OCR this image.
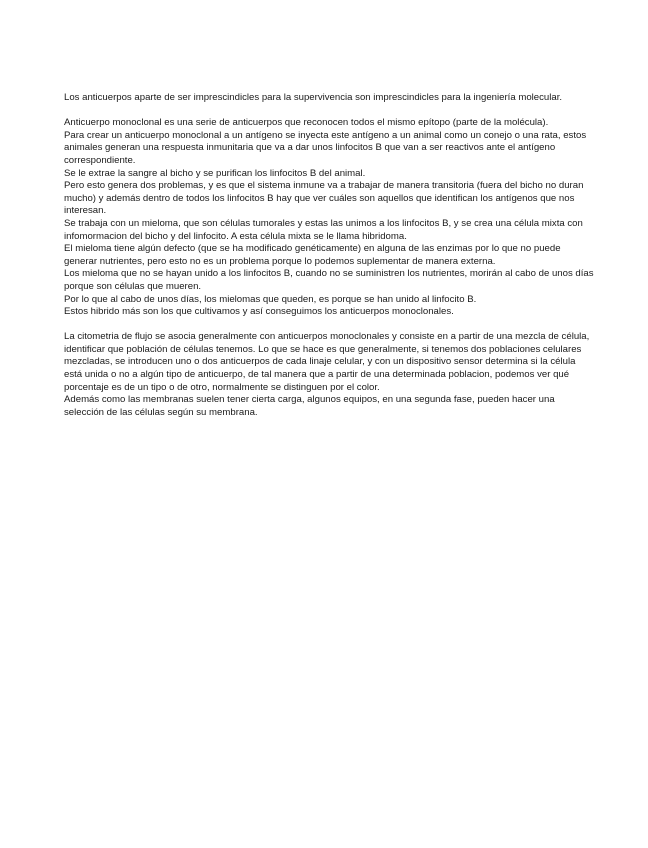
Los anticuerpos aparte de ser imprescindicles para la supervivencia son imprescindicles para la ingeniería molecular.
Anticuerpo monoclonal es una serie de anticuerpos que reconocen todos el mismo epítopo (parte de la molécula).
Para crear un anticuerpo monoclonal a un antígeno se inyecta este antígeno a un animal como un conejo o una rata, estos animales generan una respuesta inmunitaria que va a dar unos linfocitos B que van a ser reactivos ante el antígeno correspondiente.
Se le extrae la sangre al bicho y se purifican los linfocitos B del animal.
Pero esto genera dos problemas, y es que el sistema inmune va a trabajar de manera transitoria (fuera del bicho no duran mucho) y además dentro de todos los linfocitos B hay que ver cuáles son aquellos que identifican los antígenos que nos interesan.
Se trabaja con un mieloma, que son células tumorales y estas las unimos a los linfocitos B, y se crea una célula mixta con infomormacion del bicho y del linfocito. A esta célula mixta se le llama hibridoma.
El mieloma tiene algún defecto (que se ha modificado genéticamente) en alguna de las enzimas por lo que no puede generar nutrientes, pero esto no es un problema porque lo podemos suplementar de manera externa.
Los mieloma que no se hayan unido a los linfocitos B, cuando no se suministren los nutrientes, morirán al cabo de unos días porque son células que mueren.
Por lo que al cabo de unos días, los mielomas que queden, es porque se han unido al linfocito B.
Estos hibrido más son los que cultivamos y así conseguimos los anticuerpos monoclonales.
La citometria de flujo se asocia generalmente con anticuerpos monoclonales y consiste en a partir de una mezcla de célula, identificar que población de células tenemos. Lo que se hace es que generalmente, si tenemos dos poblaciones celulares mezcladas, se introducen uno o dos anticuerpos de cada linaje celular, y con un dispositivo sensor determina si la célula está unida o no a algún tipo de anticuerpo, de tal manera que a partir de una determinada poblacion, podemos ver qué porcentaje es de un tipo o de otro, normalmente se distinguen por el color.
Además como las membranas suelen tener cierta carga, algunos equipos, en una segunda fase, pueden hacer una selección de las células según su membrana.
